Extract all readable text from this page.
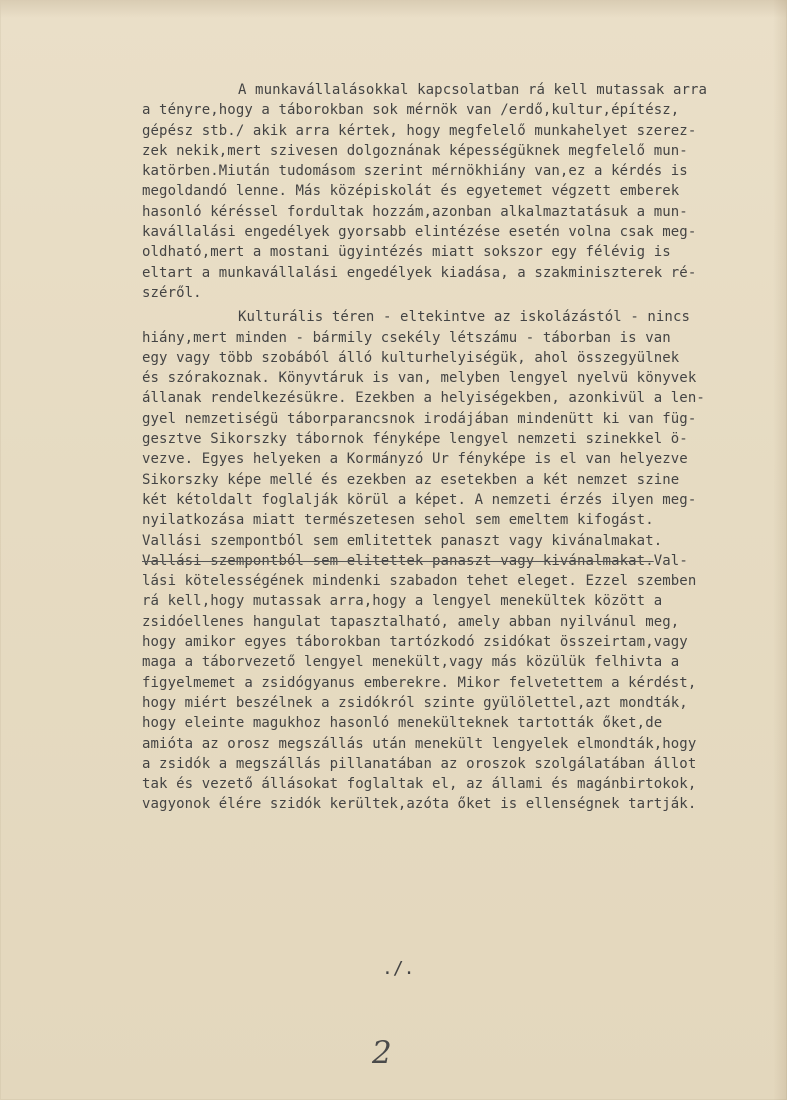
A munkavállalásokkal kapcsolatban rá kell mutassak arra
a tényre,hogy a táborokban sok mérnök van /erdő,kultur,építész,
gépész stb./ akik arra kértek, hogy megfelelő munkahelyet szerez-
zek nekik,mert szivesen dolgoznának képességüknek megfelelő mun-
katörben.Miután tudomásom szerint mérnökhiány van,ez a kérdés is
megoldandó lenne. Más középiskolát és egyetemet végzett emberek
hasonló kéréssel fordultak hozzám,azonban alkalmaztatásuk a mun-
kavállalási engedélyek gyorsabb elintézése esetén volna csak meg-
oldható,mert a mostani ügyintézés miatt sokszor egy félévig is
eltart a munkavállalási engedélyek kiadása, a szakminiszterek ré-
széről.
Kulturális téren - eltekintve az iskolázástól - nincs
hiány,mert minden - bármily csekély létszámu - táborban is van
egy vagy több szobából álló kulturhelyiségük, ahol összegyülnek
és szórakoznak. Könyvtáruk is van, melyben lengyel nyelvü könyvek
állanak rendelkezésükre. Ezekben a helyiségekben, azonkivül a len-
gyel nemzetiségü táborparancsnok irodájában mindenütt ki van füg-
gesztve Sikorszky tábornok fényképe lengyel nemzeti szinekkel ö-
vezve. Egyes helyeken a Kormányzó Ur fényképe is el van helyezve
Sikorszky képe mellé és ezekben az esetekben a két nemzet szine
két kétoldalt foglalják körül a képet. A nemzeti érzés ilyen meg-
nyilatkozása miatt természetesen sehol sem emeltem kifogást.
Vallási szempontból sem emlitettek panaszt vagy kivánalmakat.
Vallási szempontból sem elitettek panaszt vagy kivánalmakat.Val-
lási kötelességének mindenki szabadon tehet eleget. Ezzel szemben
rá kell,hogy mutassak arra,hogy a lengyel menekültek között a
zsidóellenes hangulat tapasztalható, amely abban nyilvánul meg,
hogy amikor egyes táborokban tartózkodó zsidókat összeirtam,vagy
maga a táborvezető lengyel menekült,vagy más közülük felhivta a
figyelmemet a zsidógyanus emberekre. Mikor felvetettem a kérdést,
hogy miért beszélnek a zsidókról szinte gyülölettel,azt mondták,
hogy eleinte magukhoz hasonló menekülteknek tartották őket,de
amióta az orosz megszállás után menekült lengyelek elmondták,hogy
a zsidók a megszállás pillanatában az oroszok szolgálatában állot
tak és vezető állásokat foglaltak el, az állami és magánbirtokok,
vagyonok élére szidók kerültek,azóta őket is ellenségnek tartják.
./.
2
